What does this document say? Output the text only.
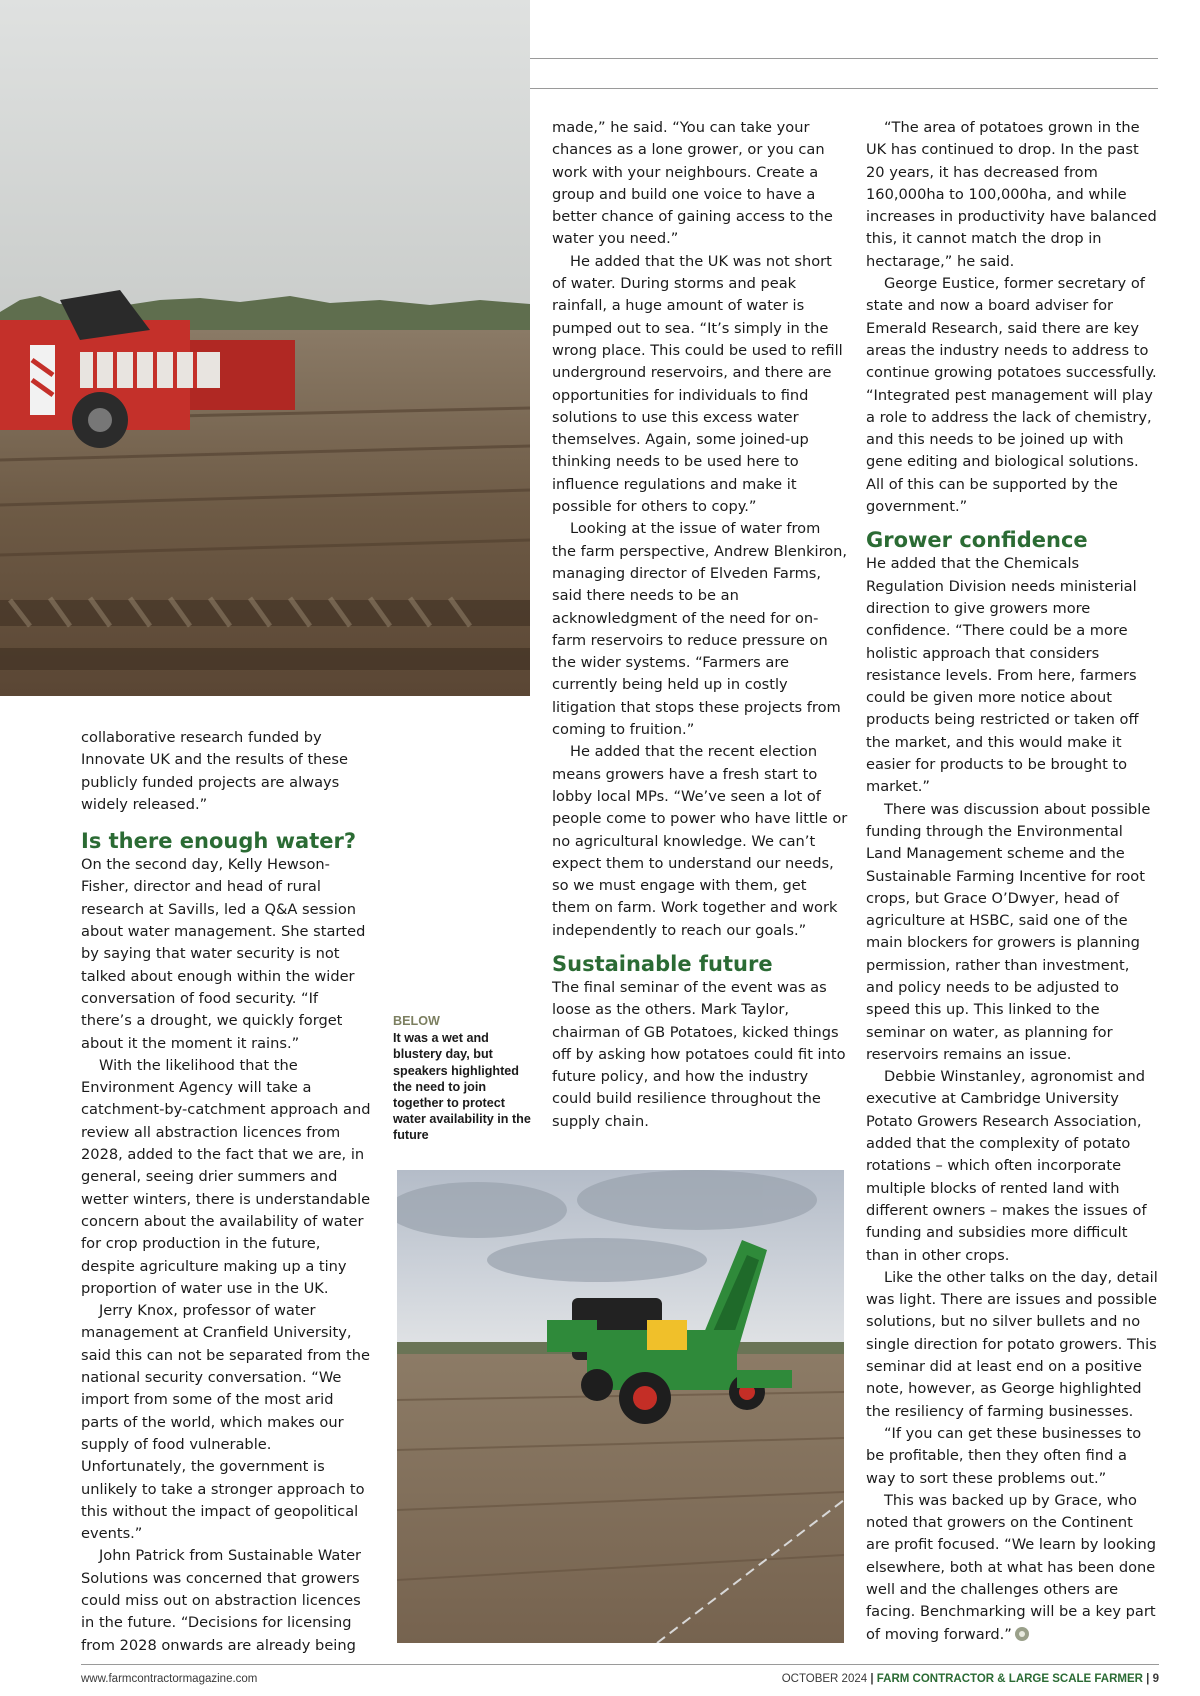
BELOW
It was a wet and blustery day, but speakers highlighted the need to join together to protect water availability in the future

collaborative research funded by Innovate UK and the results of these publicly funded projects are always widely released.”

Is there enough water?

On the second day, Kelly Hewson-Fisher, director and head of rural research at Savills, led a Q&A session about water management. She started by saying that water security is not talked about enough within the wider conversation of food security. “If there’s a drought, we quickly forget about it the moment it rains.”

With the likelihood that the Environment Agency will take a catchment-by-catchment approach and review all abstraction licences from 2028, added to the fact that we are, in general, seeing drier summers and wetter winters, there is understandable concern about the availability of water for crop production in the future, despite agriculture making up a tiny proportion of water use in the UK.

Jerry Knox, professor of water management at Cranfield University, said this can not be separated from the national security conversation. “We import from some of the most arid parts of the world, which makes our supply of food vulnerable. Unfortunately, the government is unlikely to take a stronger approach to this without the impact of geopolitical events.”

John Patrick from Sustainable Water Solutions was concerned that growers could miss out on abstraction licences in the future. “Decisions for licensing from 2028 onwards are already being

made,” he said. “You can take your chances as a lone grower, or you can work with your neighbours. Create a group and build one voice to have a better chance of gaining access to the water you need.”

He added that the UK was not short of water. During storms and peak rainfall, a huge amount of water is pumped out to sea. “It’s simply in the wrong place. This could be used to refill underground reservoirs, and there are opportunities for individuals to find solutions to use this excess water themselves. Again, some joined-up thinking needs to be used here to influence regulations and make it possible for others to copy.”

Looking at the issue of water from the farm perspective, Andrew Blenkiron, managing director of Elveden Farms, said there needs to be an acknowledgment of the need for on-farm reservoirs to reduce pressure on the wider systems. “Farmers are currently being held up in costly litigation that stops these projects from coming to fruition.”

He added that the recent election means growers have a fresh start to lobby local MPs. “We’ve seen a lot of people come to power who have little or no agricultural knowledge. We can’t expect them to understand our needs, so we must engage with them, get them on farm. Work together and work independently to reach our goals.”

Sustainable future

The final seminar of the event was as loose as the others. Mark Taylor, chairman of GB Potatoes, kicked things off by asking how potatoes could fit into future policy, and how the industry could build resilience throughout the supply chain.

“The area of potatoes grown in the UK has continued to drop. In the past 20 years, it has decreased from 160,000ha to 100,000ha, and while increases in productivity have balanced this, it cannot match the drop in hectarage,” he said.

George Eustice, former secretary of state and now a board adviser for Emerald Research, said there are key areas the industry needs to address to continue growing potatoes successfully. “Integrated pest management will play a role to address the lack of chemistry, and this needs to be joined up with gene editing and biological solutions. All of this can be supported by the government.”

Grower confidence

He added that the Chemicals Regulation Division needs ministerial direction to give growers more confidence. “There could be a more holistic approach that considers resistance levels. From here, farmers could be given more notice about products being restricted or taken off the market, and this would make it easier for products to be brought to market.”

There was discussion about possible funding through the Environmental Land Management scheme and the Sustainable Farming Incentive for root crops, but Grace O’Dwyer, head of agriculture at HSBC, said one of the main blockers for growers is planning permission, rather than investment, and policy needs to be adjusted to speed this up. This linked to the seminar on water, as planning for reservoirs remains an issue.

Debbie Winstanley, agronomist and executive at Cambridge University Potato Growers Research Association, added that the complexity of potato rotations – which often incorporate multiple blocks of rented land with different owners – makes the issues of funding and subsidies more difficult than in other crops.

Like the other talks on the day, detail was light. There are issues and possible solutions, but no silver bullets and no single direction for potato growers. This seminar did at least end on a positive note, however, as George highlighted the resiliency of farming businesses.

“If you can get these businesses to be profitable, then they often find a way to sort these problems out.”

This was backed up by Grace, who noted that growers on the Continent are profit focused. “We learn by looking elsewhere, both at what has been done well and the challenges others are facing. Benchmarking will be a key part of moving forward.”

www.farmcontractormagazine.com	OCTOBER 2024 | FARM CONTRACTOR & LARGE SCALE FARMER | 9
